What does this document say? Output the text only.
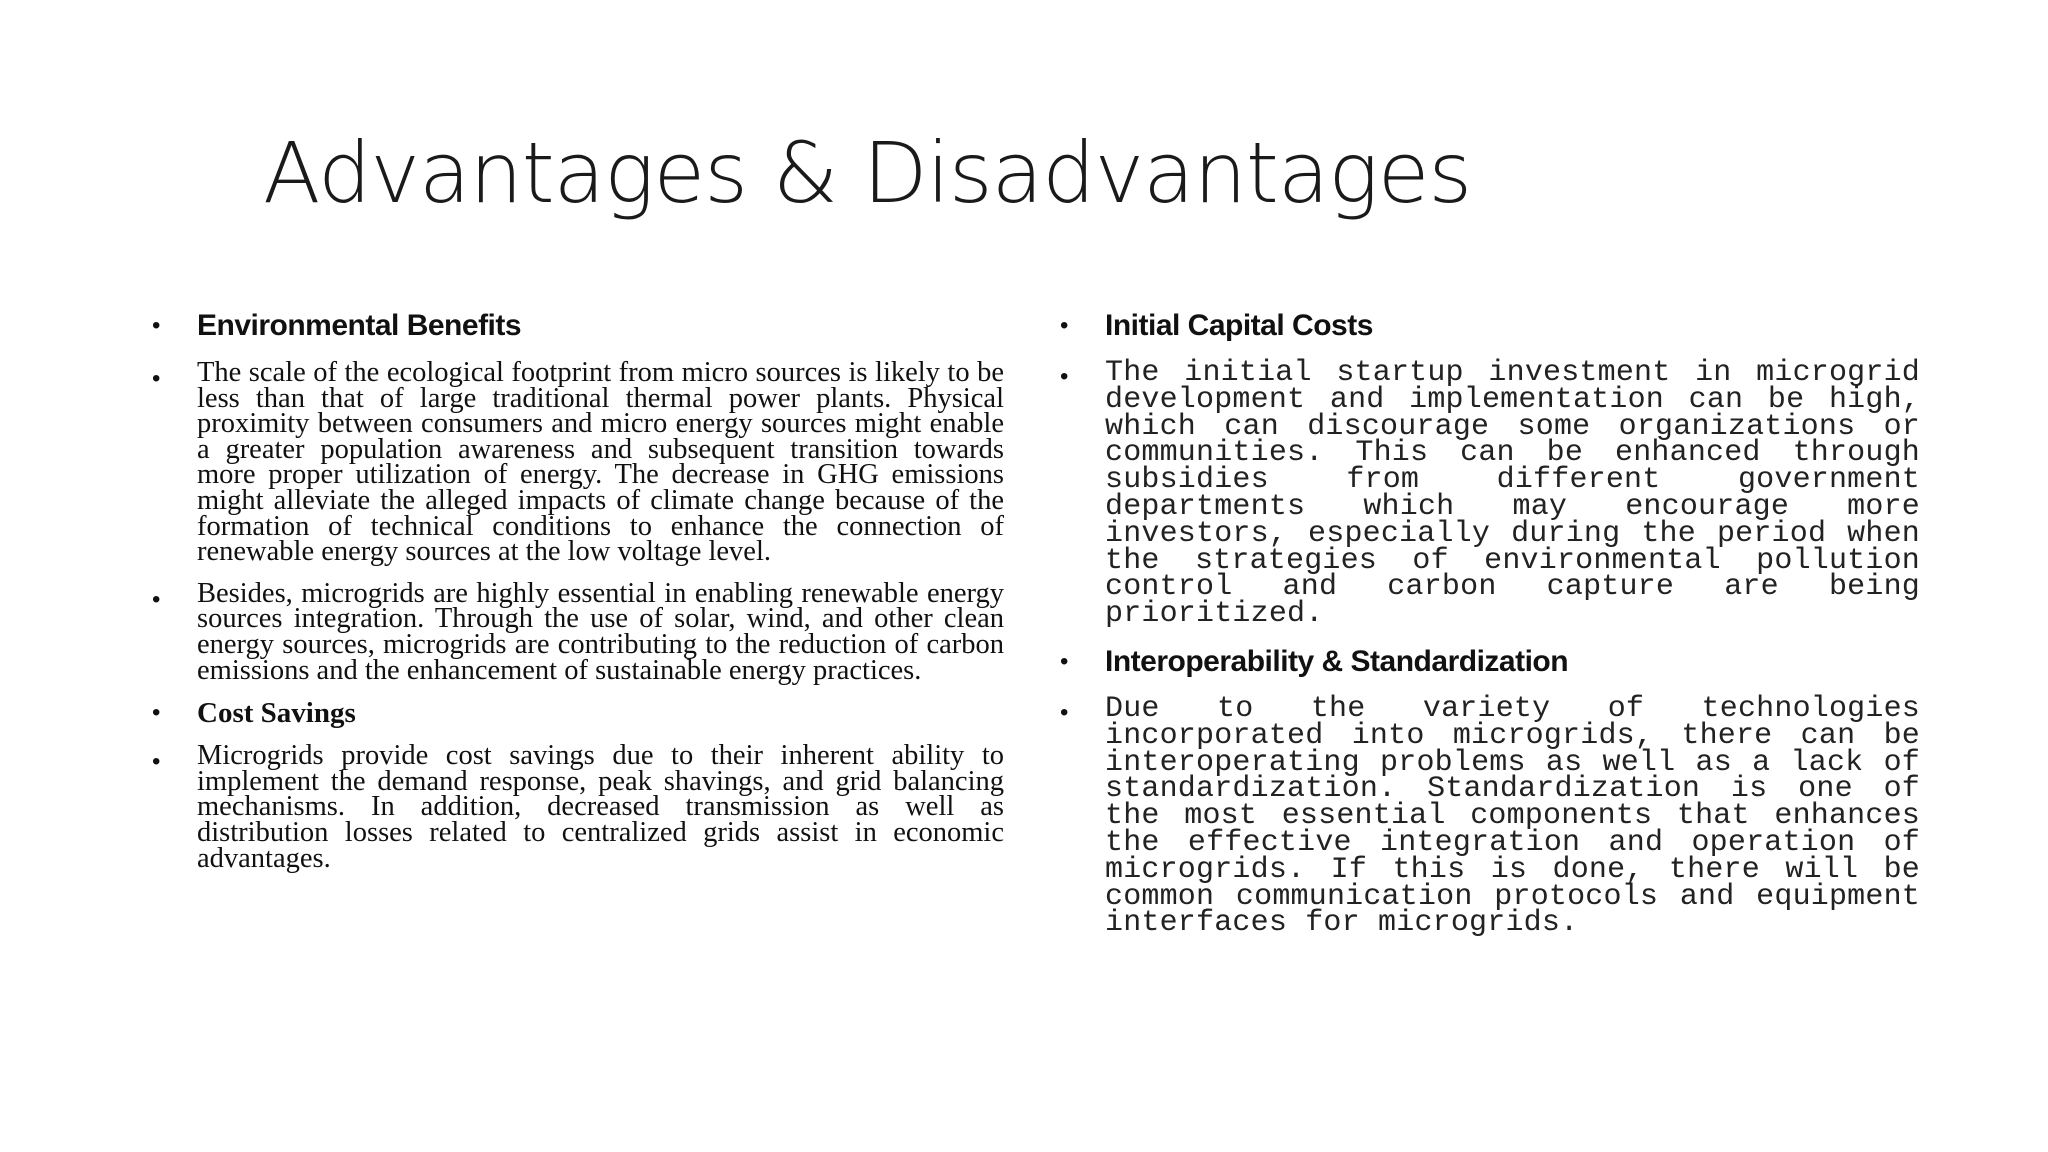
Advantages & Disadvantages
• Environmental Benefits
• The scale of the ecological footprint from micro sources is likely to be less than that of large traditional thermal power plants. Physical proximity between consumers and micro energy sources might enable a greater population awareness and subsequent transition towards more proper utilization of energy. The decrease in GHG emissions might alleviate the alleged impacts of climate change because of the formation of technical conditions to enhance the connection of renewable energy sources at the low voltage level.

• Besides, microgrids are highly essential in enabling renewable energy sources integration. Through the use of solar, wind, and other clean energy sources, microgrids are contributing to the reduction of carbon emissions and the enhancement of sustainable energy practices.

• Cost Savings
• Microgrids provide cost savings due to their inherent ability to implement the demand response, peak shavings, and grid balancing mechanisms. In addition, decreased transmission as well as distribution losses related to centralized grids assist in economic advantages.

• Initial Capital Costs
• The initial startup investment in microgrid development and implementation can be high, which can discourage some organizations or communities. This can be enhanced through subsidies from different government departments which may encourage more investors, especially during the period when the strategies of environmental pollution control and carbon capture are being prioritized.

• Interoperability & Standardization
• Due to the variety of technologies incorporated into microgrids, there can be interoperating problems as well as a lack of standardization. Standardization is one of the most essential components that enhances the effective integration and operation of microgrids. If this is done, there will be common communication protocols and equipment interfaces for microgrids.
